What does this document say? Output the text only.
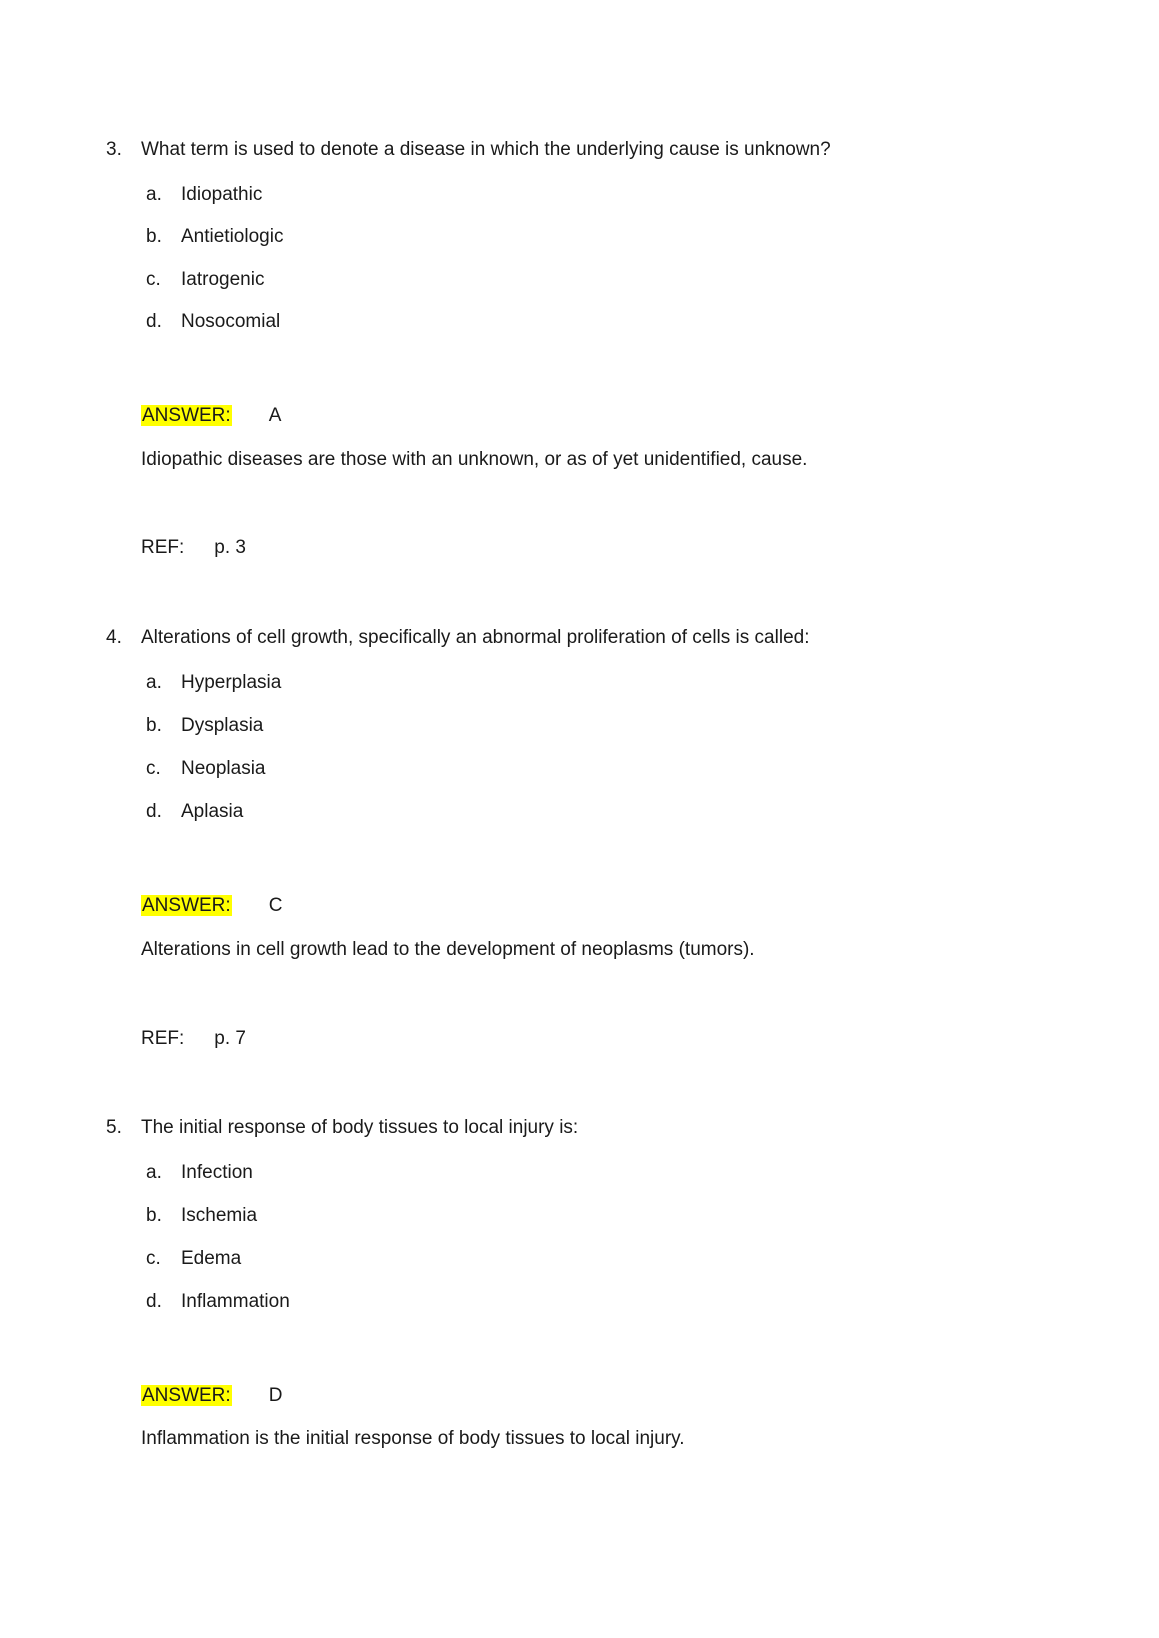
3. What term is used to denote a disease in which the underlying cause is unknown?
a. Idiopathic
b. Antietiologic
c. Iatrogenic
d. Nosocomial
ANSWER: A
Idiopathic diseases are those with an unknown, or as of yet unidentified, cause.
REF: p. 3
4. Alterations of cell growth, specifically an abnormal proliferation of cells is called:
a. Hyperplasia
b. Dysplasia
c. Neoplasia
d. Aplasia
ANSWER: C
Alterations in cell growth lead to the development of neoplasms (tumors).
REF: p. 7
5. The initial response of body tissues to local injury is:
a. Infection
b. Ischemia
c. Edema
d. Inflammation
ANSWER: D
Inflammation is the initial response of body tissues to local injury.
